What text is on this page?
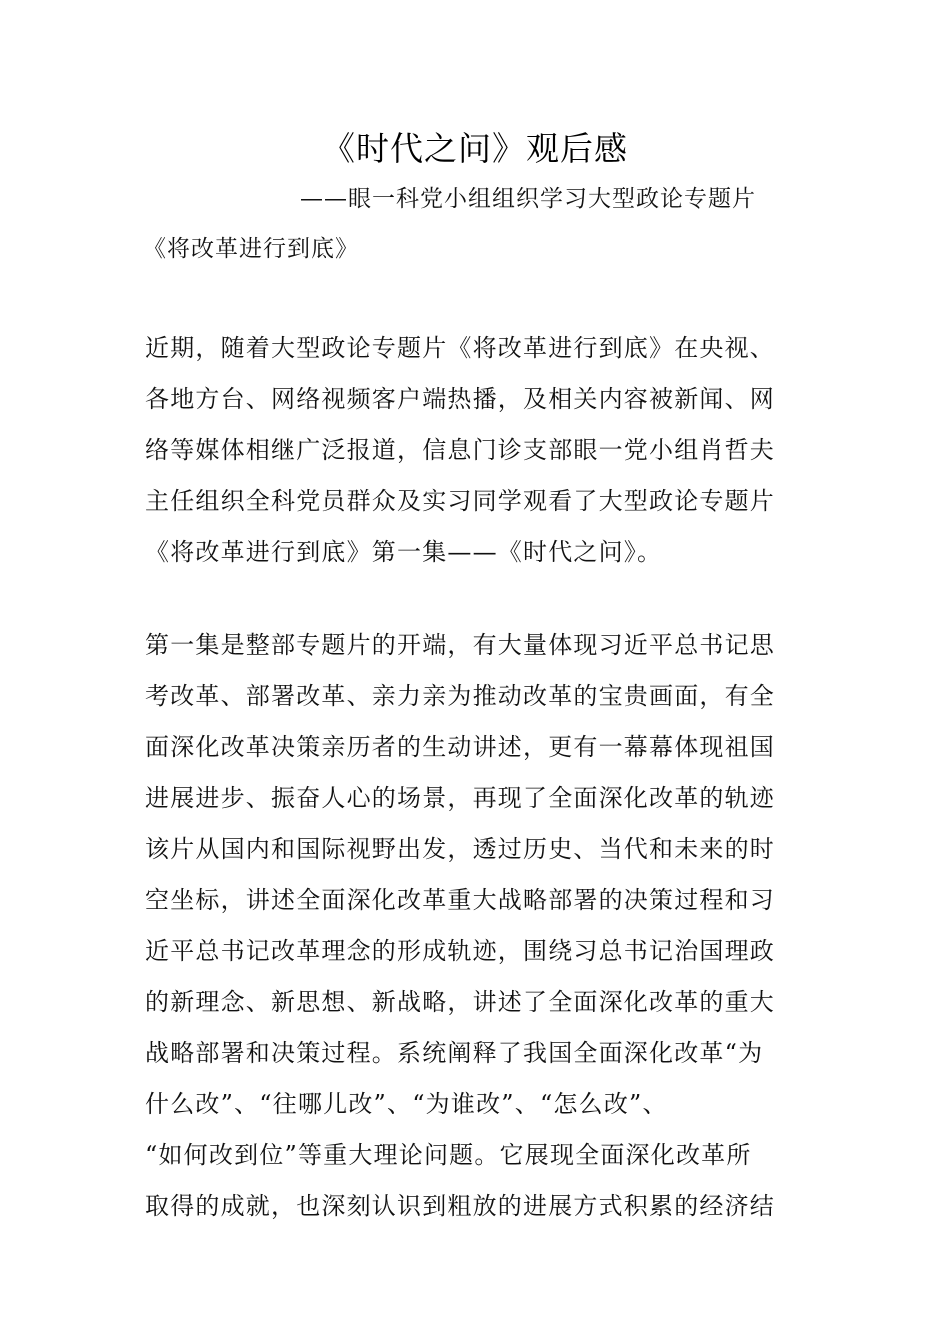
《时代之问》观后感
——眼一科党小组组织学习大型政论专题片
《将改革进行到底》
近期，随着大型政论专题片《将改革进行到底》在央视、
各地方台、网络视频客户端热播，及相关内容被新闻、网
络等媒体相继广泛报道，信息门诊支部眼一党小组肖哲夫
主任组织全科党员群众及实习同学观看了大型政论专题片
《将改革进行到底》第一集——《时代之问》。
第一集是整部专题片的开端，有大量体现习近平总书记思
考改革、部署改革、亲力亲为推动改革的宝贵画面，有全
面深化改革决策亲历者的生动讲述，更有一幕幕体现祖国
进展进步、振奋人心的场景，再现了全面深化改革的轨迹
该片从国内和国际视野出发，透过历史、当代和未来的时
空坐标，讲述全面深化改革重大战略部署的决策过程和习
近平总书记改革理念的形成轨迹，围绕习总书记治国理政
的新理念、新思想、新战略，讲述了全面深化改革的重大
战略部署和决策过程。系统阐释了我国全面深化改革“为
什么改”、“往哪儿改”、“为谁改”、“怎么改”、
“如何改到位”等重大理论问题。它展现全面深化改革所
取得的成就，也深刻认识到粗放的进展方式积累的经济结
